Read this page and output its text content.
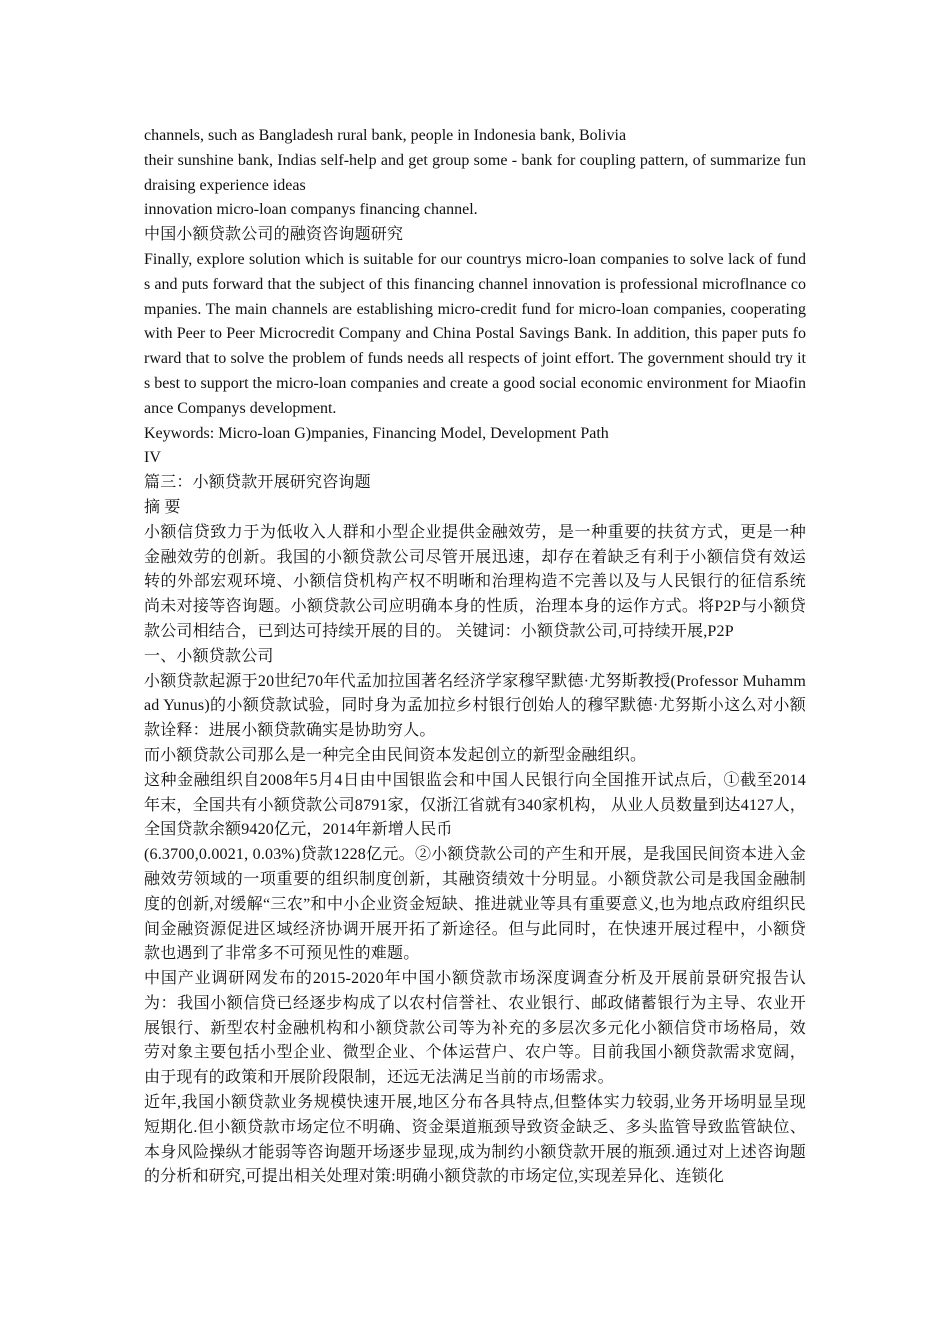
channels, such as Bangladesh rural bank, people in Indonesia bank, Bolivia

their sunshine bank, Indias self-help and get group some - bank for coupling pattern, of summarize fundraising experience ideas

innovation micro-loan companys financing channel.

中国小额贷款公司的融资咨询题研究

Finally, explore solution which is suitable for our countrys micro-loan companies to solve lack of funds and puts forward that the subject of this financing channel innovation is professional microflnance companies. The main channels are establishing micro-credit fund for micro-loan companies, cooperating with Peer to Peer Microcredit Company and China Postal Savings Bank. In addition, this paper puts forward that to solve the problem of funds needs all respects of joint effort. The government should try its best to support the micro-loan companies and create a good social economic environment for Miaofinance Companys development.

Keywords: Micro-loan G)mpanies, Financing Model, Development Path

IV

篇三：小额贷款开展研究咨询题

摘 要

小额信贷致力于为低收入人群和小型企业提供金融效劳，是一种重要的扶贫方式，更是一种金融效劳的创新。我国的小额贷款公司尽管开展迅速，却存在着缺乏有利于小额信贷有效运转的外部宏观环境、小额信贷机构产权不明晰和治理构造不完善以及与人民银行的征信系统尚未对接等咨询题。小额贷款公司应明确本身的性质，治理本身的运作方式。将P2P与小额贷款公司相结合，已到达可持续开展的目的。 关键词：小额贷款公司,可持续开展,P2P

一、小额贷款公司

小额贷款起源于20世纪70年代孟加拉国著名经济学家穆罕默德·尤努斯教授(Professor Muhammad Yunus)的小额贷款试验，同时身为孟加拉乡村银行创始人的穆罕默德·尤努斯小这么对小额款诠释：进展小额贷款确实是协助穷人。

而小额贷款公司那么是一种完全由民间资本发起创立的新型金融组织。

这种金融组织自2008年5月4日由中国银监会和中国人民银行向全国推开试点后，①截至2014年末，全国共有小额贷款公司8791家，仅浙江省就有340家机构， 从业人员数量到达4127人，全国贷款余额9420亿元，2014年新增人民币

(6.3700,0.0021, 0.03%)贷款1228亿元。②小额贷款公司的产生和开展，是我国民间资本进入金融效劳领域的一项重要的组织制度创新，其融资绩效十分明显。小额贷款公司是我国金融制度的创新,对缓解“三农”和中小企业资金短缺、推进就业等具有重要意义,也为地点政府组织民间金融资源促进区域经济协调开展开拓了新途径。但与此同时，在快速开展过程中，小额贷款也遇到了非常多不可预见性的难题。

中国产业调研网发布的2015-2020年中国小额贷款市场深度调查分析及开展前景研究报告认为：我国小额信贷已经逐步构成了以农村信誉社、农业银行、邮政储蓄银行为主导、农业开展银行、新型农村金融机构和小额贷款公司等为补充的多层次多元化小额信贷市场格局，效劳对象主要包括小型企业、微型企业、个体运营户、农户等。目前我国小额贷款需求宽阔，由于现有的政策和开展阶段限制，还远无法满足当前的市场需求。

近年,我国小额贷款业务规模快速开展,地区分布各具特点,但整体实力较弱,业务开场明显呈现短期化.但小额贷款市场定位不明确、资金渠道瓶颈导致资金缺乏、多头监管导致监管缺位、本身风险操纵才能弱等咨询题开场逐步显现,成为制约小额贷款开展的瓶颈.通过对上述咨询题的分析和研究,可提出相关处理对策:明确小额贷款的市场定位,实现差异化、连锁化
